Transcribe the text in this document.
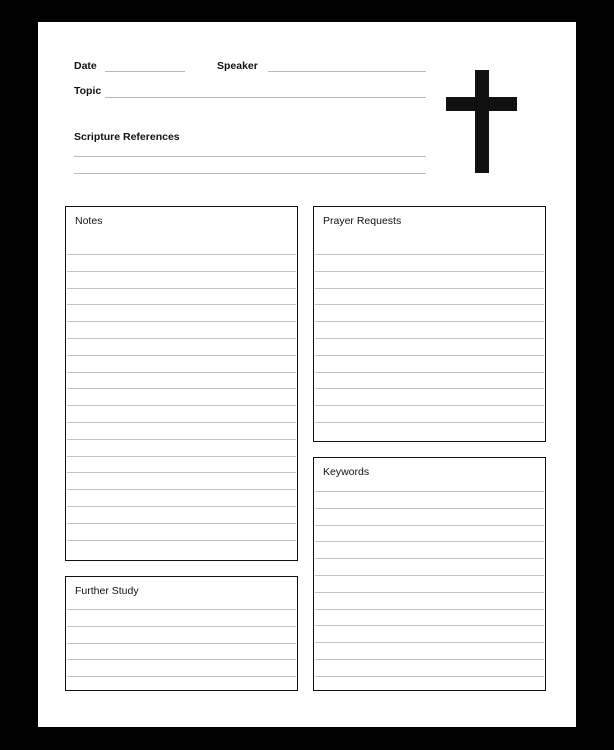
Date	Speaker
Topic
Scripture References
Notes	Prayer Requests
Keywords
Further Study
